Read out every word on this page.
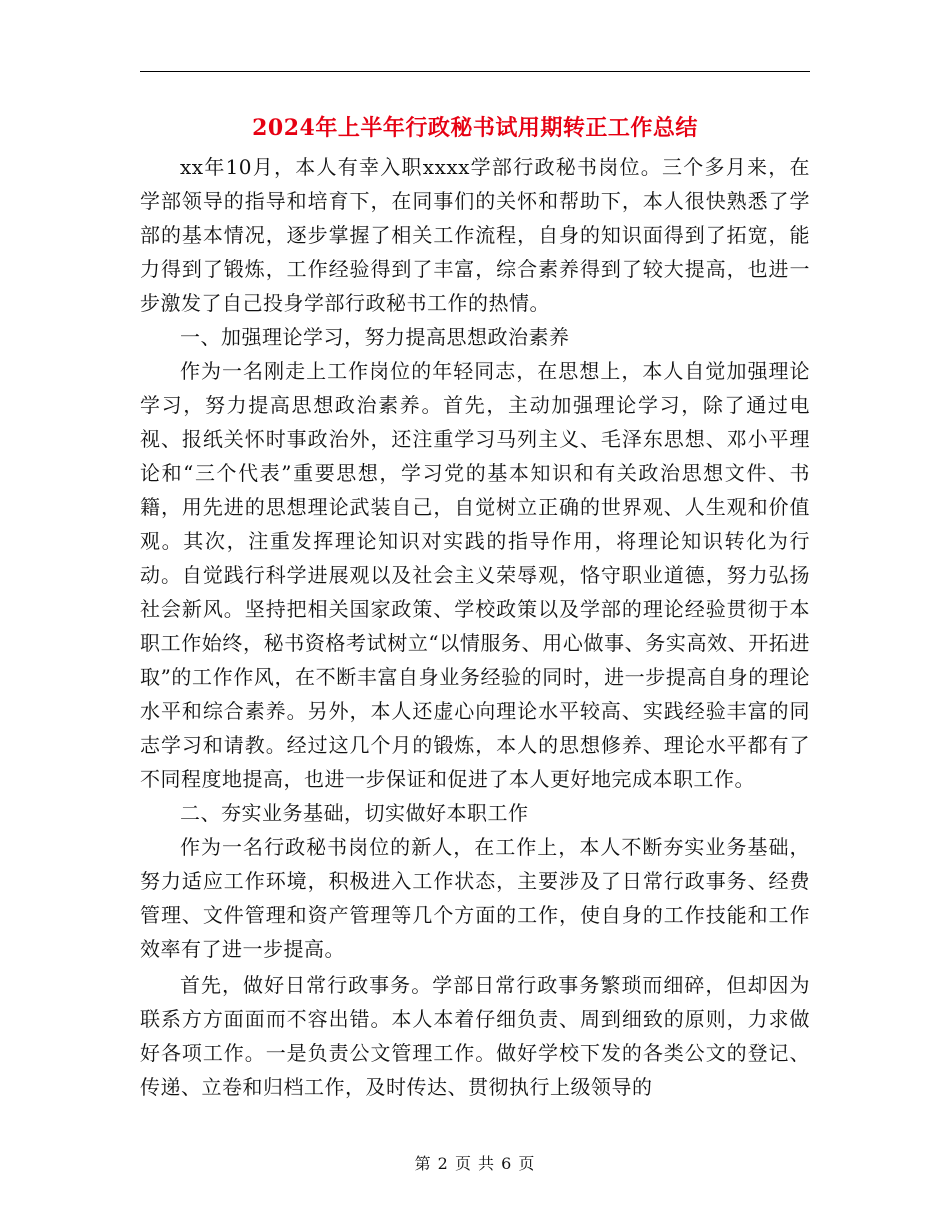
2024年上半年行政秘书试用期转正工作总结

xx年10月，本人有幸入职xxxx学部行政秘书岗位。三个多月来，在学部领导的指导和培育下，在同事们的关怀和帮助下，本人很快熟悉了学部的基本情况，逐步掌握了相关工作流程，自身的知识面得到了拓宽，能力得到了锻炼，工作经验得到了丰富，综合素养得到了较大提高，也进一步激发了自己投身学部行政秘书工作的热情。

一、加强理论学习，努力提高思想政治素养

作为一名刚走上工作岗位的年轻同志，在思想上，本人自觉加强理论学习，努力提高思想政治素养。首先，主动加强理论学习，除了通过电视、报纸关怀时事政治外，还注重学习马列主义、毛泽东思想、邓小平理论和“三个代表”重要思想，学习党的基本知识和有关政治思想文件、书籍，用先进的思想理论武装自己，自觉树立正确的世界观、人生观和价值观。其次，注重发挥理论知识对实践的指导作用，将理论知识转化为行动。自觉践行科学进展观以及社会主义荣辱观，恪守职业道德，努力弘扬社会新风。坚持把相关国家政策、学校政策以及学部的理论经验贯彻于本职工作始终，秘书资格考试树立“以情服务、用心做事、务实高效、开拓进取”的工作作风，在不断丰富自身业务经验的同时，进一步提高自身的理论水平和综合素养。另外，本人还虚心向理论水平较高、实践经验丰富的同志学习和请教。经过这几个月的锻炼，本人的思想修养、理论水平都有了不同程度地提高，也进一步保证和促进了本人更好地完成本职工作。

二、夯实业务基础，切实做好本职工作

作为一名行政秘书岗位的新人，在工作上，本人不断夯实业务基础，努力适应工作环境，积极进入工作状态，主要涉及了日常行政事务、经费管理、文件管理和资产管理等几个方面的工作，使自身的工作技能和工作效率有了进一步提高。

首先，做好日常行政事务。学部日常行政事务繁琐而细碎，但却因为联系方方面面而不容出错。本人本着仔细负责、周到细致的原则，力求做好各项工作。一是负责公文管理工作。做好学校下发的各类公文的登记、传递、立卷和归档工作，及时传达、贯彻执行上级领导的

第 2 页 共 6 页
